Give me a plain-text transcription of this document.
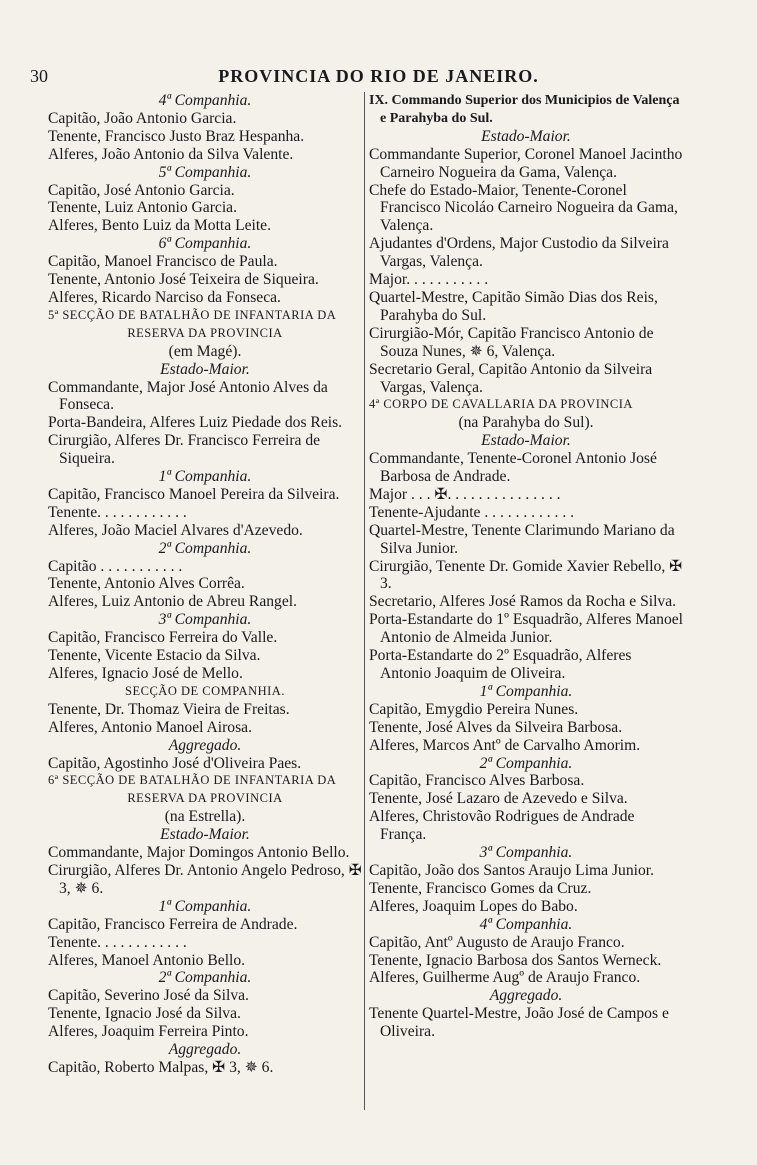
30	PROVINCIA DO RIO DE JANEIRO.
4ª Companhia.
Capitão, João Antonio Garcia.
Tenente, Francisco Justo Braz Hespanha.
Alferes, João Antonio da Silva Valente.
5ª Companhia.
Capitão, José Antonio Garcia.
Tenente, Luiz Antonio Garcia.
Alferes, Bento Luiz da Motta Leite.
6ª Companhia.
Capitão, Manoel Francisco de Paula.
Tenente, Antonio José Teixeira de Siqueira.
Alferes, Ricardo Narciso da Fonseca.
5ª SECÇÃO DE BATALHÃO DE INFANTARIA DA
RESERVA DA PROVINCIA
(em Magé).
Estado-Maior.
Commandante, Major José Antonio Alves da Fonseca.
Porta-Bandeira, Alferes Luiz Piedade dos Reis.
Cirurgião, Alferes Dr. Francisco Ferreira de Siqueira.
1ª Companhia.
Capitão, Francisco Manoel Pereira da Silveira.
Tenente. . . . . . . . . . . .
Alferes, João Maciel Alvares d'Azevedo.
2ª Companhia.
Capitão . . . . . . . . . . .
Tenente, Antonio Alves Corrêa.
Alferes, Luiz Antonio de Abreu Rangel.
3ª Companhia.
Capitão, Francisco Ferreira do Valle.
Tenente, Vicente Estacio da Silva.
Alferes, Ignacio José de Mello.
SECÇÃO DE COMPANHIA.
Tenente, Dr. Thomaz Vieira de Freitas.
Alferes, Antonio Manoel Airosa.
Aggregado.
Capitão, Agostinho José d'Oliveira Paes.
6ª SECÇÃO DE BATALHÃO DE INFANTARIA DA
RESERVA DA PROVINCIA
(na Estrella).
Estado-Maior.
Commandante, Major Domingos Antonio Bello.
Cirurgião, Alferes Dr. Antonio Angelo Pedroso, ✠ 3, ✵ 6.
1ª Companhia.
Capitão, Francisco Ferreira de Andrade.
Tenente. . . . . . . . . . . .
Alferes, Manoel Antonio Bello.
2ª Companhia.
Capitão, Severino José da Silva.
Tenente, Ignacio José da Silva.
Alferes, Joaquim Ferreira Pinto.
Aggregado.
Capitão, Roberto Malpas, ✠ 3, ✵ 6.
IX. Commando Superior dos Municipios de Valença e Parahyba do Sul.
Estado-Maior.
Commandante Superior, Coronel Manoel Jacintho Carneiro Nogueira da Gama, Valença.
Chefe do Estado-Maior, Tenente-Coronel Francisco Nicoláo Carneiro Nogueira da Gama, Valença.
Ajudantes d'Ordens, Major Custodio da Silveira Vargas, Valença.
Major. . . . . . . . . . .
Quartel-Mestre, Capitão Simão Dias dos Reis, Parahyba do Sul.
Cirurgião-Mór, Capitão Francisco Antonio de Souza Nunes, ✵ 6, Valença.
Secretario Geral, Capitão Antonio da Silveira Vargas, Valença.
4ª CORPO DE CAVALLARIA DA PROVINCIA
(na Parahyba do Sul).
Estado-Maior.
Commandante, Tenente-Coronel Antonio José Barbosa de Andrade.
Major . . . ✠. . . . . . . . . . . . . . .
Tenente-Ajudante . . . . . . . . . . . .
Quartel-Mestre, Tenente Clarimundo Mariano da Silva Junior.
Cirurgião, Tenente Dr. Gomide Xavier Rebello, ✠ 3.
Secretario, Alferes José Ramos da Rocha e Silva.
Porta-Estandarte do 1º Esquadrão, Alferes Manoel Antonio de Almeida Junior.
Porta-Estandarte do 2º Esquadrão, Alferes Antonio Joaquim de Oliveira.
1ª Companhia.
Capitão, Emygdio Pereira Nunes.
Tenente, José Alves da Silveira Barbosa.
Alferes, Marcos Antº de Carvalho Amorim.
2ª Companhia.
Capitão, Francisco Alves Barbosa.
Tenente, José Lazaro de Azevedo e Silva.
Alferes, Christovão Rodrigues de Andrade França.
3ª Companhia.
Capitão, João dos Santos Araujo Lima Junior.
Tenente, Francisco Gomes da Cruz.
Alferes, Joaquim Lopes do Babo.
4ª Companhia.
Capitão, Antº Augusto de Araujo Franco.
Tenente, Ignacio Barbosa dos Santos Werneck.
Alferes, Guilherme Augº de Araujo Franco.
Aggregado.
Tenente Quartel-Mestre, João José de Campos e Oliveira.
